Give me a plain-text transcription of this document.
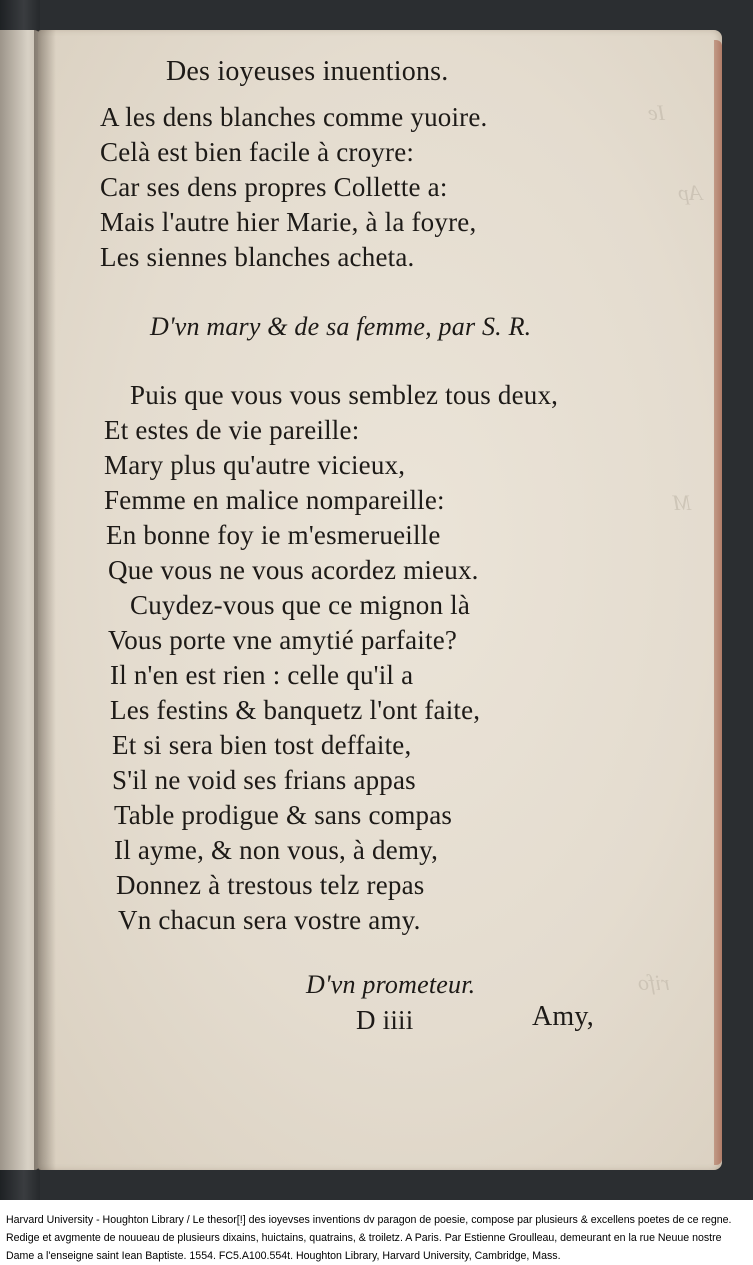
Ie
Ap
M
rifo
Des ioyeuses inuentions.
A les dens blanches comme yuoire.
Celà est bien facile à croyre:
Car ses dens propres Collette a:
Mais l'autre hier Marie, à la foyre,
Les siennes blanches acheta.
D'vn mary & de sa femme, par S. R.
Puis que vous vous semblez tous deux,
Et estes de vie pareille:
Mary plus qu'autre vicieux,
Femme en malice nompareille:
En bonne foy ie m'esmerueille
Que vous ne vous acordez mieux.
Cuydez-vous que ce mignon là
Vous porte vne amytié parfaite?
Il n'en est rien : celle qu'il a
Les festins & banquetz l'ont faite,
Et si sera bien tost deffaite,
S'il ne void ses frians appas
Table prodigue & sans compas
Il ayme, & non vous, à demy,
Donnez à trestous telz repas
Vn chacun sera vostre amy.
D'vn prometeur.
D iiii	Amy,
Harvard University - Houghton Library / Le thesor[!] des ioyevses inventions dv paragon de poesie, compose par plusieurs & excellens poetes de ce regne. Redige et avgmente de nouueau de plusieurs dixains, huictains, quatrains, & troiletz. A Paris. Par Estienne Groulleau, demeurant en la rue Neuue nostre Dame a l'enseigne saint Iean Baptiste. 1554. FC5.A100.554t. Houghton Library, Harvard University, Cambridge, Mass.
